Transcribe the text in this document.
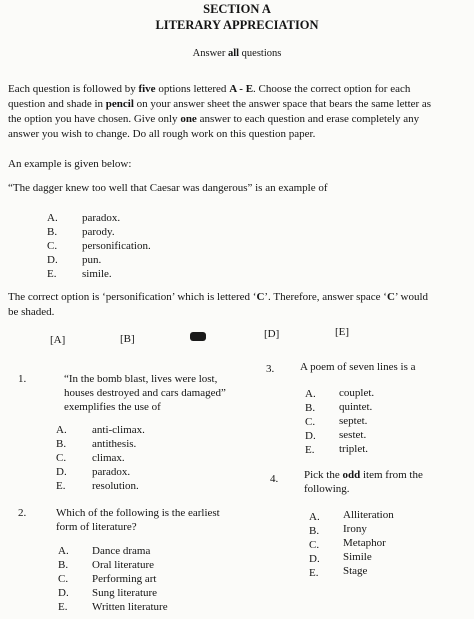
SECTION A
LITERARY APPRECIATION
Answer all questions
Each question is followed by five options lettered A - E. Choose the correct option for each
question and shade in pencil on your answer sheet the answer space that bears the same letter as
the option you have chosen. Give only one answer to each question and erase completely any
answer you wish to change. Do all rough work on this question paper.
An example is given below:
“The dagger knew too well that Caesar was dangerous” is an example of
A. paradox.
B. parody.
C. personification.
D. pun.
E. simile.
The correct option is ‘personification’ which is lettered ‘C’. Therefore, answer space ‘C’ would
be shaded.
[A]	[B]	[D]	[E]
1.	“In the bomb blast, lives were lost,
houses destroyed and cars damaged”
exemplifies the use of
A. anti-climax.
B. antithesis.
C. climax.
D. paradox.
E. resolution.
2.	Which of the following is the earliest
form of literature?
A. Dance drama
B. Oral literature
C. Performing art
D. Sung literature
E. Written literature
3. A poem of seven lines is a
A. couplet.
B. quintet.
C. septet.
D. sestet.
E. triplet.
4. Pick the odd item from the
following.
A. Alliteration
B. Irony
C. Metaphor
D. Simile
E. Stage
